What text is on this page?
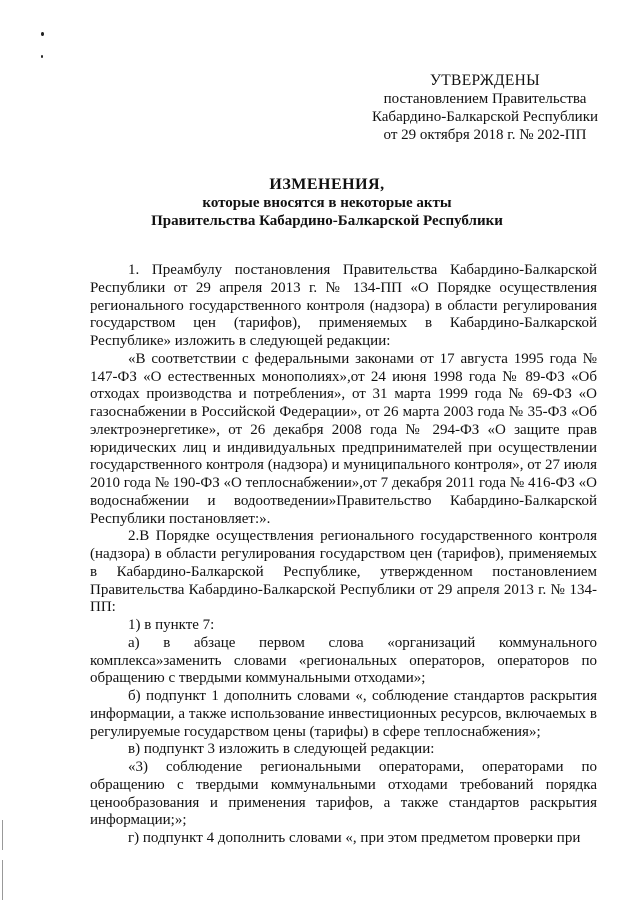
УТВЕРЖДЕНЫ
постановлением Правительства
Кабардино-Балкарской Республики
от 29 октября 2018 г. № 202-ПП
ИЗМЕНЕНИЯ,
которые вносятся в некоторые акты
Правительства Кабардино-Балкарской Республики

1. Преамбулу постановления Правительства Кабардино-Балкарской Республики от 29 апреля 2013 г. № 134-ПП «О Порядке осуществления регионального государственного контроля (надзора) в области регулирования государством цен (тарифов), применяемых в Кабардино-Балкарской Республике» изложить в следующей редакции:

«В соответствии с федеральными законами от 17 августа 1995 года № 147-ФЗ «О естественных монополиях»,от 24 июня 1998 года № 89-ФЗ «Об отходах производства и потребления», от 31 марта 1999 года № 69-ФЗ «О газоснабжении в Российской Федерации», от 26 марта 2003 года № 35-ФЗ «Об электроэнергетике», от 26 декабря 2008 года № 294-ФЗ «О защите прав юридических лиц и индивидуальных предпринимателей при осуществлении государственного контроля (надзора) и муниципального контроля», от 27 июля 2010 года № 190-ФЗ «О теплоснабжении»,от 7 декабря 2011 года № 416-ФЗ «О водоснабжении и водоотведении»Правительство Кабардино-Балкарской Республики постановляет:».

2.В Порядке осуществления регионального государственного контроля (надзора) в области регулирования государством цен (тарифов), применяемых в Кабардино-Балкарской Республике, утвержденном постановлением Правительства Кабардино-Балкарской Республики от 29 апреля 2013 г. № 134-ПП:

1) в пункте 7:

а) в абзаце первом слова «организаций коммунального комплекса»заменить словами «региональных операторов, операторов по обращению с твердыми коммунальными отходами»;

б) подпункт 1 дополнить словами «, соблюдение стандартов раскрытия информации, а также использование инвестиционных ресурсов, включаемых в регулируемые государством цены (тарифы) в сфере теплоснабжения»;

в) подпункт 3 изложить в следующей редакции:

«3) соблюдение региональными операторами, операторами по обращению с твердыми коммунальными отходами требований порядка ценообразования и применения тарифов, а также стандартов раскрытия информации;»;

г) подпункт 4 дополнить словами «, при этом предметом проверки при
